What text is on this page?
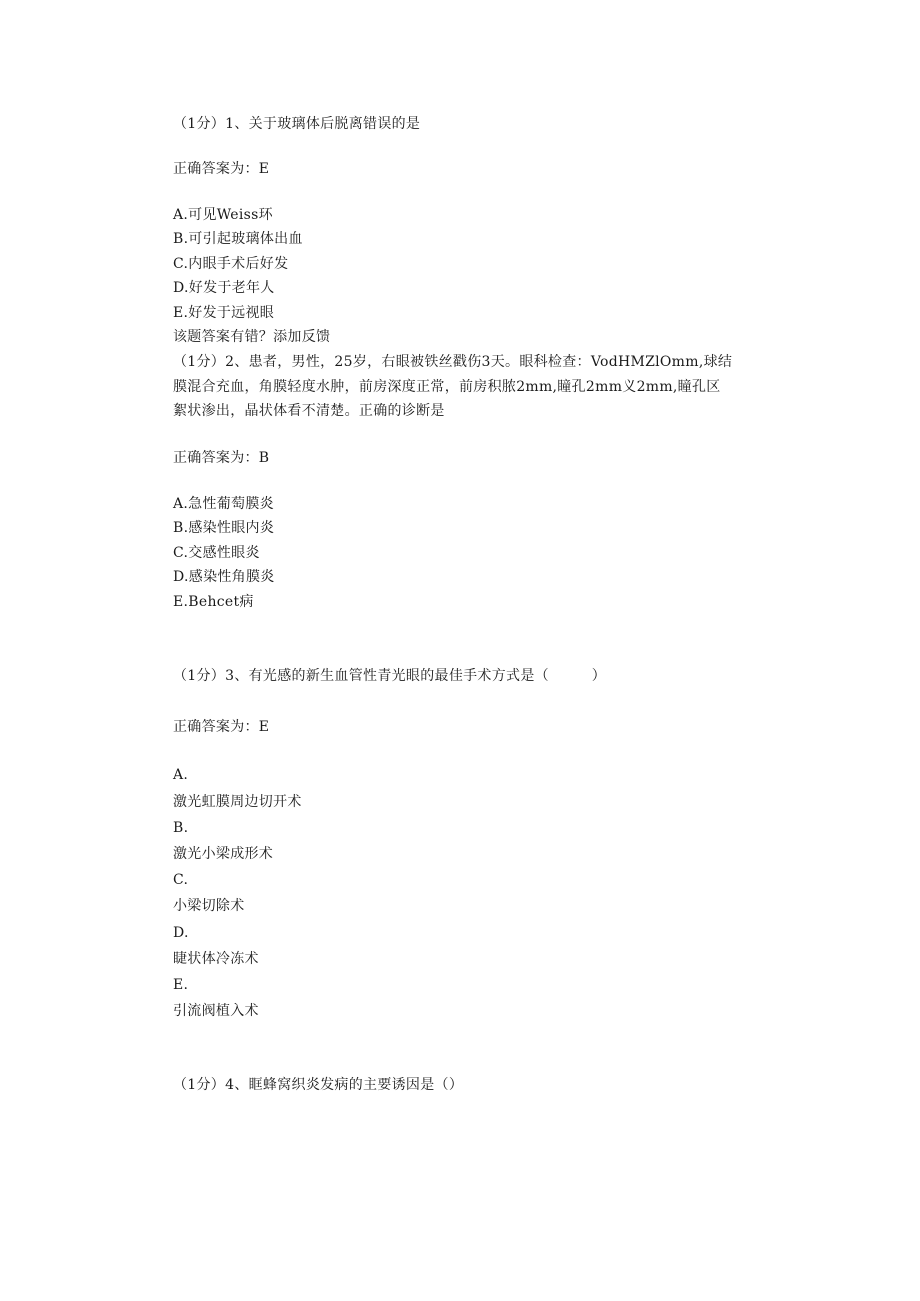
（1分）1、关于玻璃体后脱离错误的是
正确答案为：E
A.可见Weiss环
B.可引起玻璃体出血
C.内眼手术后好发
D.好发于老年人
E.好发于远视眼
该题答案有错？添加反馈
（1分）2、患者，男性，25岁，右眼被铁丝戳伤3天。眼科检查：VodHMZlOmm,球结
膜混合充血，角膜轻度水肿，前房深度正常，前房积脓2mm,瞳孔2mm义2mm,瞳孔区
絮状渗出，晶状体看不清楚。正确的诊断是
正确答案为：B
A.急性葡萄膜炎
B.感染性眼内炎
C.交感性眼炎
D.感染性角膜炎
E.Behcet病
（1分）3、有光感的新生血管性青光眼的最佳手术方式是（　　　）
正确答案为：E
A.
激光虹膜周边切开术
B.
激光小梁成形术
C.
小梁切除术
D.
睫状体冷冻术
E.
引流阀植入术
（1分）4、眶蜂窝织炎发病的主要诱因是（）
